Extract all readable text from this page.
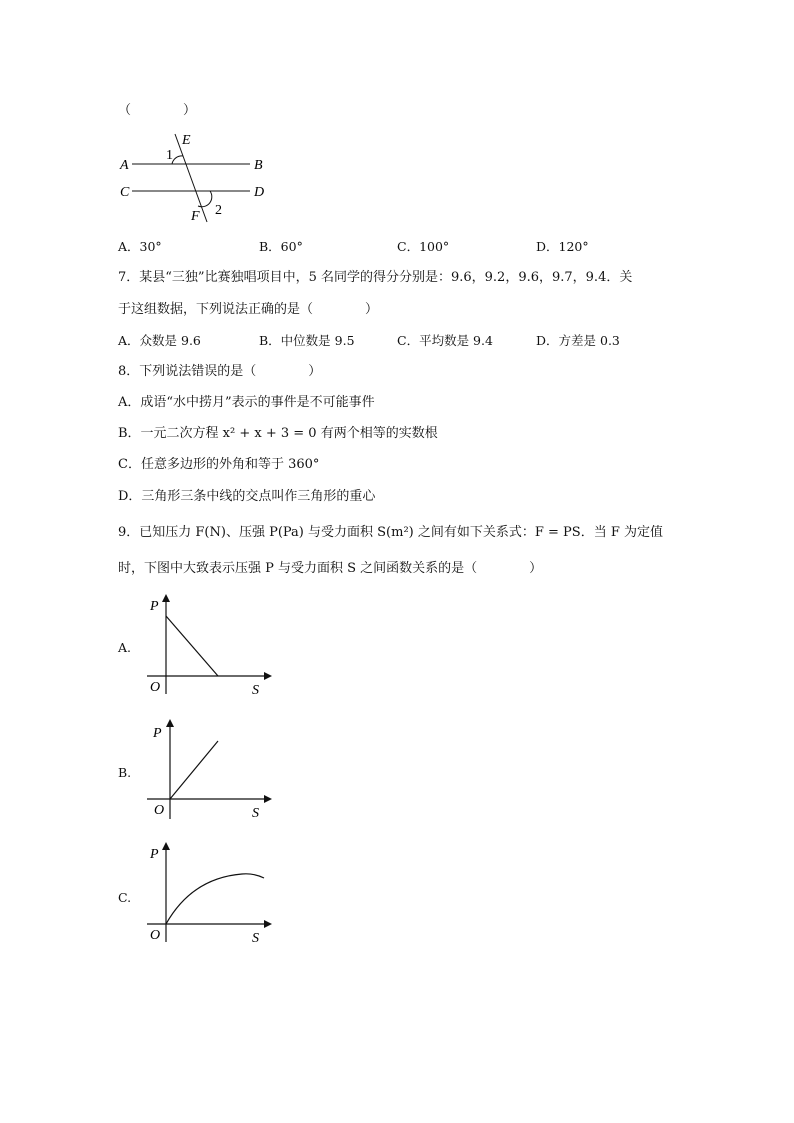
（　　　　）
A	B
C	D
E
F
1
2
A．30°	B．60°	C．100°	D．120°
7．某县“三独”比赛独唱项目中，5 名同学的得分分别是：9.6，9.2，9.6，9.7，9.4．关
于这组数据，下列说法正确的是（　　　　）
A．众数是 9.6	B．中位数是 9.5	C．平均数是 9.4	D．方差是 0.3
8．下列说法错误的是（　　　　）
A．成语“水中捞月”表示的事件是不可能事件
B．一元二次方程 x² + x + 3 = 0 有两个相等的实数根
C．任意多边形的外角和等于 360°
D．三角形三条中线的交点叫作三角形的重心
9．已知压力 F(N)、压强 P(Pa) 与受力面积 S(m²) 之间有如下关系式：F = PS．当 F 为定值
时，下图中大致表示压强 P 与受力面积 S 之间函数关系的是（　　　　）
A.
P
S
O
B.
P
S
O
C.
P
S
O
